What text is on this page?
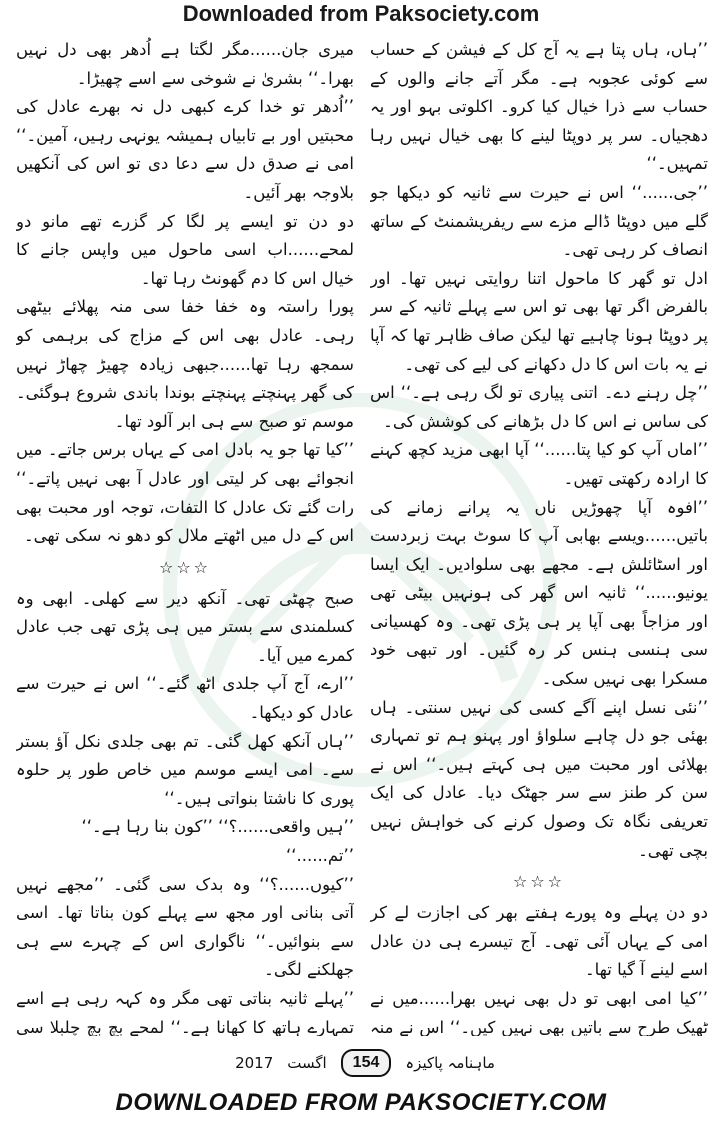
Downloaded from Paksociety.com

’’ہاں، ہاں پتا ہے یہ آج کل کے فیشن کے حساب سے کوئی عجوبہ ہے۔ مگر آتے جانے والوں کے حساب سے ذرا خیال کیا کرو۔ اکلوتی بہو اور یہ دھجیاں۔ سر پر دوپٹا لینے کا بھی خیال نہیں رہا تمہیں۔‘‘

’’جی......‘‘ اس نے حیرت سے ثانیہ کو دیکھا جو گلے میں دوپٹا ڈالے مزے سے ریفریشمنٹ کے ساتھ انصاف کر رہی تھی۔

ادل تو گھر کا ماحول اتنا روایتی نہیں تھا۔ اور بالفرض اگر تھا بھی تو اس سے پہلے ثانیہ کے سر پر دوپٹا ہونا چاہیے تھا لیکن صاف ظاہر تھا کہ آپا نے یہ بات اس کا دل دکھانے کی لیے کی تھی۔

’’چل رہنے دے۔ اتنی پیاری تو لگ رہی ہے۔‘‘ اس کی ساس نے اس کا دل بڑھانے کی کوشش کی۔

’’اماں آپ کو کیا پتا......‘‘ آپا ابھی مزید کچھ کہنے کا ارادہ رکھتی تھیں۔

’’افوہ آپا چھوڑیں ناں یہ پرانے زمانے کی باتیں......ویسے بھابی آپ کا سوٹ بہت زبردست اور اسٹائلش ہے۔ مجھے بھی سلوادیں۔ ایک ایسا یونیو......‘‘ ثانیہ اس گھر کی ہونہیں بیٹی تھی اور مزاجاً بھی آپا پر ہی پڑی تھی۔ وہ کھسیانی سی ہنسی ہنس کر رہ گئیں۔ اور تبھی خود مسکرا بھی نہیں سکی۔

’’نئی نسل اپنے آگے کسی کی نہیں سنتی۔ ہاں بھئی جو دل چاہے سلواؤ اور پہنو ہم تو تمہاری بھلائی اور محبت میں ہی کہتے ہیں۔‘‘ اس نے سن کر طنز سے سر جھٹک دیا۔ عادل کی ایک تعریفی نگاہ تک وصول کرنے کی خواہش نہیں بچی تھی۔

☆☆☆

دو دن پہلے وہ پورے ہفتے بھر کی اجازت لے کر امی کے یہاں آئی تھی۔ آج تیسرے ہی دن عادل اسے لینے آ گیا تھا۔

’’کیا امی ابھی تو دل بھی نہیں بھرا......میں نے ٹھیک طرح سے باتیں بھی نہیں کیں۔‘‘ اس نے منہ

میری جان......مگر لگتا ہے اُدھر بھی دل نہیں بھرا۔‘‘ بشریٰ نے شوخی سے اسے چھیڑا۔

’’اُدھر تو خدا کرے کبھی دل نہ بھرے عادل کی محبتیں اور بے تابیاں ہمیشہ یونہی رہیں، آمین۔‘‘ امی نے صدق دل سے دعا دی تو اس کی آنکھیں بلاوجہ بھر آئیں۔

دو دن تو ایسے پر لگا کر گزرے تھے مانو دو لمحے......اب اسی ماحول میں واپس جانے کا خیال اس کا دم گھونٹ رہا تھا۔

پورا راستہ وہ خفا خفا سی منہ پھلائے بیٹھی رہی۔ عادل بھی اس کے مزاج کی برہمی کو سمجھ رہا تھا......جبھی زیادہ چھیڑ چھاڑ نہیں کی گھر پہنچتے پہنچتے بوندا باندی شروع ہوگئی۔ موسم تو صبح سے ہی ابر آلود تھا۔

’’کیا تھا جو یہ بادل امی کے یہاں برس جاتے۔ میں انجوائے بھی کر لیتی اور عادل آ بھی نہیں پاتے۔‘‘ رات گئے تک عادل کا التفات، توجہ اور محبت بھی اس کے دل میں اٹھتے ملال کو دھو نہ سکی تھی۔

☆☆☆

صبح چھٹی تھی۔ آنکھ دیر سے کھلی۔ ابھی وہ کسلمندی سے بستر میں ہی پڑی تھی جب عادل کمرے میں آیا۔

’’ارے، آج آپ جلدی اٹھ گئے۔‘‘ اس نے حیرت سے عادل کو دیکھا۔

’’ہاں آنکھ کھل گئی۔ تم بھی جلدی نکل آؤ بستر سے۔ امی ایسے موسم میں خاص طور پر حلوہ پوری کا ناشتا بنواتی ہیں۔‘‘

’’ہیں واقعی......؟‘‘ ’’کون بنا رہا ہے۔‘‘

’’تم......‘‘

’’کیوں......؟‘‘ وہ بدک سی گئی۔ ’’مجھے نہیں آتی بنانی اور مجھ سے پہلے کون بناتا تھا۔ اسی سے بنوائیں۔‘‘ ناگواری اس کے چہرے سے ہی جھلکنے لگی۔

’’پہلے ثانیہ بناتی تھی مگر وہ کہہ رہی ہے اسے تمہارے ہاتھ کا کھانا ہے۔‘‘ لمحے بچ بچ چلبلا سی

ماہنامہ پاکیزہ
154
اگست
2017
DOWNLOADED FROM PAKSOCIETY.COM
